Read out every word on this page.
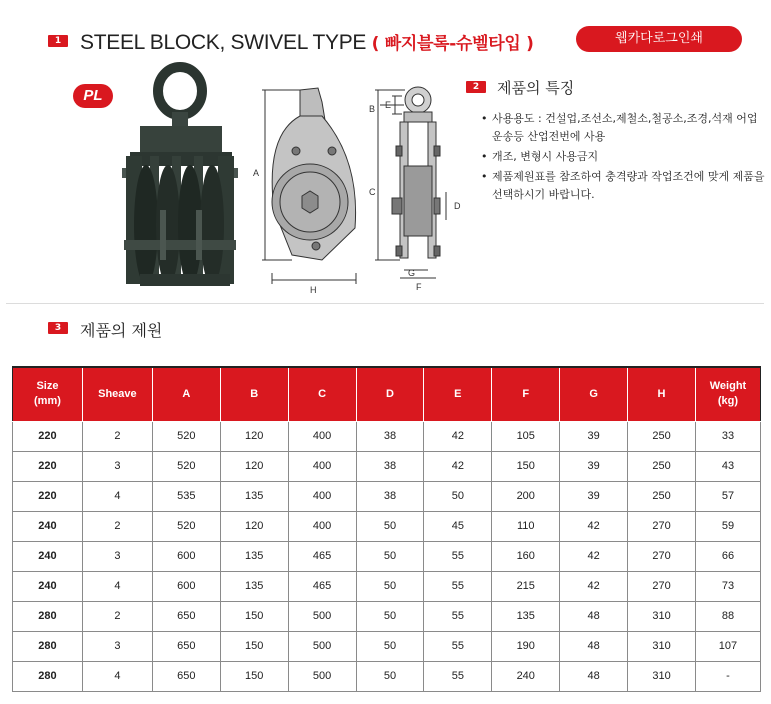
1 STEEL BLOCK, SWIVEL TYPE ( 빠지블록-슈벨타입 )	웹카다로그인쇄
PL
A
H
B
C
E
D
G
F
2	제품의 특징
• 사용용도 : 건설업,조선소,제철소,철공소,조경,석재 어업 운송등 산업전번에 사용
• 개조, 변형시 사용금지
• 제품제원표를 참조하여 충격량과 작업조건에 맞게 제품을 선택하시기 바랍니다.
3	제품의 제원
Size
(mm)	Sheave	A	B	C	D	E	F	G	H	Weight
(kg)
220	2	520	120	400	38	42	105	39	250	33
220	3	520	120	400	38	42	150	39	250	43
220	4	535	135	400	38	50	200	39	250	57
240	2	520	120	400	50	45	110	42	270	59
240	3	600	135	465	50	55	160	42	270	66
240	4	600	135	465	50	55	215	42	270	73
280	2	650	150	500	50	55	135	48	310	88
280	3	650	150	500	50	55	190	48	310	107
280	4	650	150	500	50	55	240	48	310	-
